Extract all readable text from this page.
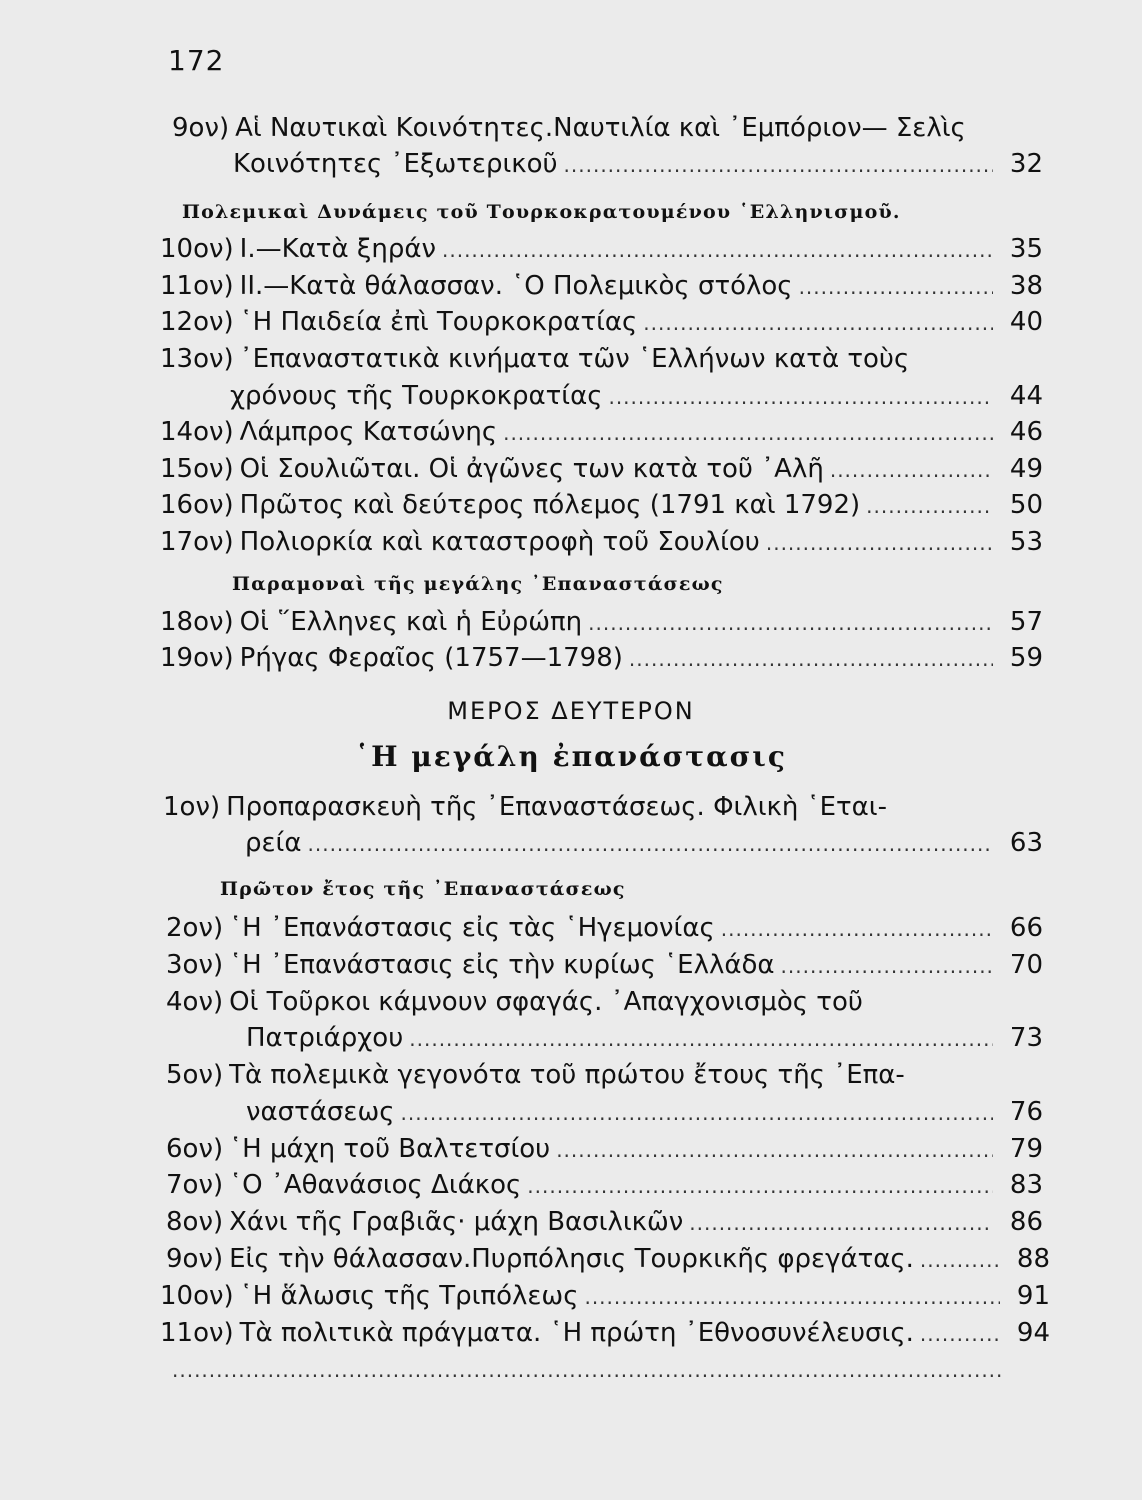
172
9ον) Αἱ Ναυτικαὶ Κοινότητες.Ναυτιλία καὶ ᾿Εμπόριον— Σελὶς
Κοινότητες ᾿Εξωτερικοῦ .....	32
Πολεμικαὶ Δυνάμεις τοῦ Τουρκοκρατουμένου ῾Ελληνισμοῦ.
10ον) Ι.—Κατὰ ξηράν .....	35
11ον) ΙΙ.—Κατὰ θάλασσαν. ῾Ο Πολεμικὸς στόλος .....	38
12ον) ῾Η Παιδεία ἐπὶ Τουρκοκρατίας .....	40
13ον) ᾿Επαναστατικὰ κινήματα τῶν ῾Ελλήνων κατὰ τοὺς
χρόνους τῆς Τουρκοκρατίας .....	44
14ον) Λάμπρος Κατσώνης .....	46
15ον) Οἱ Σουλιῶται. Οἱ ἀγῶνες των κατὰ τοῦ ᾿Αλῆ .....	49
16ον) Πρῶτος καὶ δεύτερος πόλεμος (1791 καὶ 1792) .....	50
17ον) Πολιορκία καὶ καταστροφὴ τοῦ Σουλίου .....	53
Παραμοναὶ τῆς μεγάλης ᾿Επαναστάσεως
18ον) Οἱ ῞Ελληνες καὶ ἡ Εὐρώπη .....	57
19ον) Ρήγας Φεραῖος (1757—1798) .....	59
ΜΕΡΟΣ ΔΕΥΤΕΡΟΝ
῾Η μεγάλη ἐπανάστασις
1ον) Προπαρασκευὴ τῆς ᾿Επαναστάσεως. Φιλικὴ ῾Εται-
ρεία .....	63
Πρῶτον ἔτος τῆς ᾿Επαναστάσεως
2ον) ῾Η ᾿Επανάστασις εἰς τὰς ῾Ηγεμονίας .....	66
3ον) ῾Η ᾿Επανάστασις εἰς τὴν κυρίως ῾Ελλάδα .....	70
4ον) Οἱ Τοῦρκοι κάμνουν σφαγάς. ᾿Απαγχονισμὸς τοῦ
Πατριάρχου .....	73
5ον) Τὰ πολεμικὰ γεγονότα τοῦ πρώτου ἔτους τῆς ᾿Επα-
ναστάσεως .....	76
6ον) ῾Η μάχη τοῦ Βαλτετσίου .....	79
7ον) ῾Ο ᾿Αθανάσιος Διάκος .....	83
8ον) Χάνι τῆς Γραβιᾶς· μάχη Βασιλικῶν .....	86
9ον) Εἰς τὴν θάλασσαν.Πυρπόλησις Τουρκικῆς φρεγάτας. .....	88
10ον) ῾Η ἅλωσις τῆς Τριπόλεως .....	91
11ον) Τὰ πολιτικὰ πράγματα. ῾Η πρώτη ᾿Εθνοσυνέλευσις. .....	94
.....
